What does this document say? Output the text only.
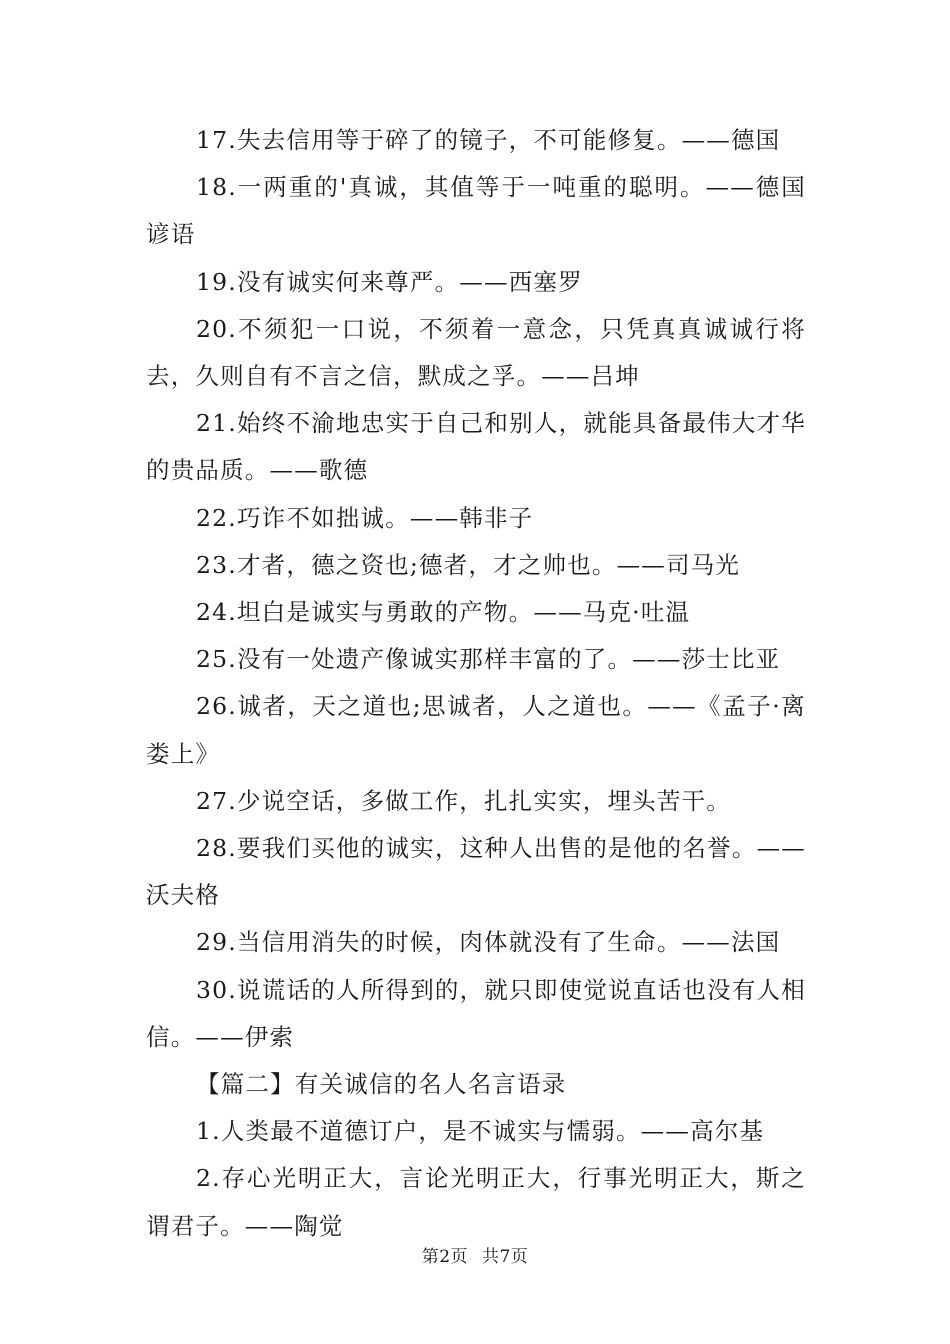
17.失去信用等于碎了的镜子，不可能修复。——德国

18.一两重的'真诚，其值等于一吨重的聪明。——德国谚语

19.没有诚实何来尊严。——西塞罗

20.不须犯一口说，不须着一意念，只凭真真诚诚行将去，久则自有不言之信，默成之孚。——吕坤

21.始终不渝地忠实于自己和别人，就能具备最伟大才华的贵品质。——歌德

22.巧诈不如拙诚。——韩非子

23.才者，德之资也;德者，才之帅也。——司马光

24.坦白是诚实与勇敢的产物。——马克·吐温

25.没有一处遗产像诚实那样丰富的了。——莎士比亚

26.诚者，天之道也;思诚者，人之道也。——《孟子·离娄上》

27.少说空话，多做工作，扎扎实实，埋头苦干。

28.要我们买他的诚实，这种人出售的是他的名誉。——沃夫格

29.当信用消失的时候，肉体就没有了生命。——法国

30.说谎话的人所得到的，就只即使觉说直话也没有人相信。——伊索

【篇二】有关诚信的名人名言语录

1.人类最不道德订户，是不诚实与懦弱。——高尔基

2.存心光明正大，言论光明正大，行事光明正大，斯之谓君子。——陶觉

第2页 共7页
